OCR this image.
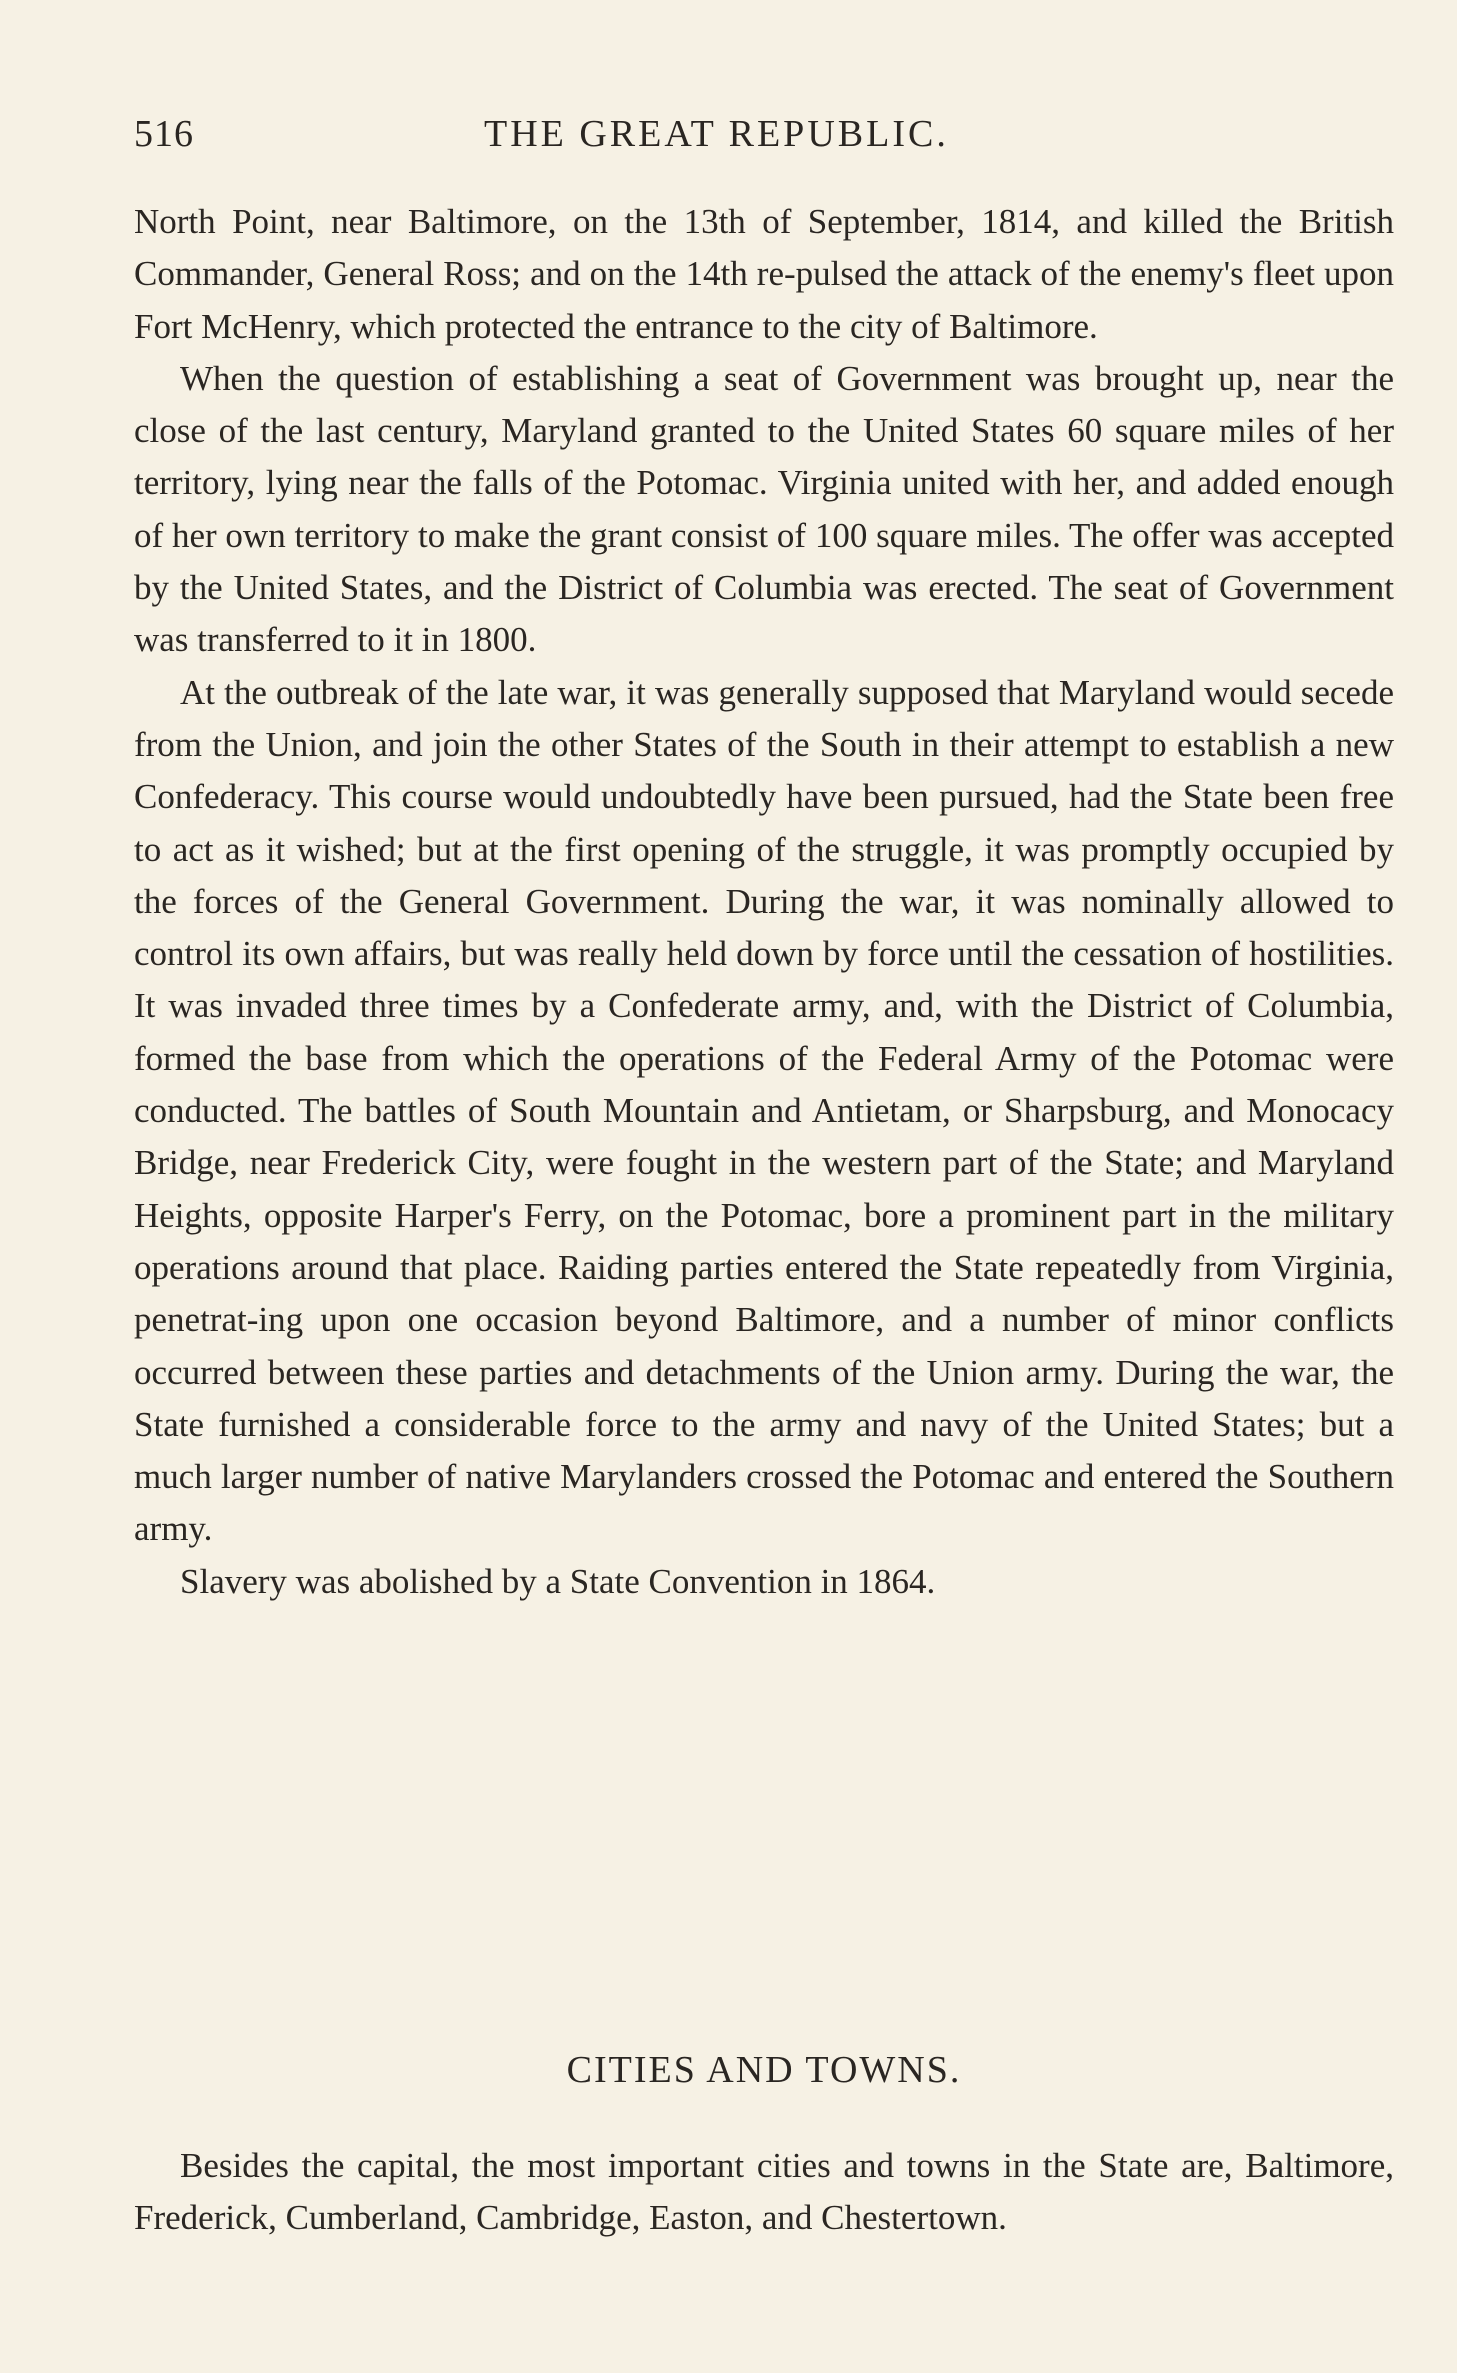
516	THE GREAT REPUBLIC.

North Point, near Baltimore, on the 13th of September, 1814, and killed the British Commander, General Ross; and on the 14th re-pulsed the attack of the enemy's fleet upon Fort McHenry, which protected the entrance to the city of Baltimore.

When the question of establishing a seat of Government was brought up, near the close of the last century, Maryland granted to the United States 60 square miles of her territory, lying near the falls of the Potomac. Virginia united with her, and added enough of her own territory to make the grant consist of 100 square miles. The offer was accepted by the United States, and the District of Columbia was erected. The seat of Government was transferred to it in 1800.

At the outbreak of the late war, it was generally supposed that Maryland would secede from the Union, and join the other States of the South in their attempt to establish a new Confederacy. This course would undoubtedly have been pursued, had the State been free to act as it wished; but at the first opening of the struggle, it was promptly occupied by the forces of the General Government. During the war, it was nominally allowed to control its own affairs, but was really held down by force until the cessation of hostilities. It was invaded three times by a Confederate army, and, with the District of Columbia, formed the base from which the operations of the Federal Army of the Potomac were conducted. The battles of South Mountain and Antietam, or Sharpsburg, and Monocacy Bridge, near Frederick City, were fought in the western part of the State; and Maryland Heights, opposite Harper's Ferry, on the Potomac, bore a prominent part in the military operations around that place. Raiding parties entered the State repeatedly from Virginia, penetrat-ing upon one occasion beyond Baltimore, and a number of minor conflicts occurred between these parties and detachments of the Union army. During the war, the State furnished a considerable force to the army and navy of the United States; but a much larger number of native Marylanders crossed the Potomac and entered the Southern army.

Slavery was abolished by a State Convention in 1864.

CITIES AND TOWNS.

Besides the capital, the most important cities and towns in the State are, Baltimore, Frederick, Cumberland, Cambridge, Easton, and Chestertown.
